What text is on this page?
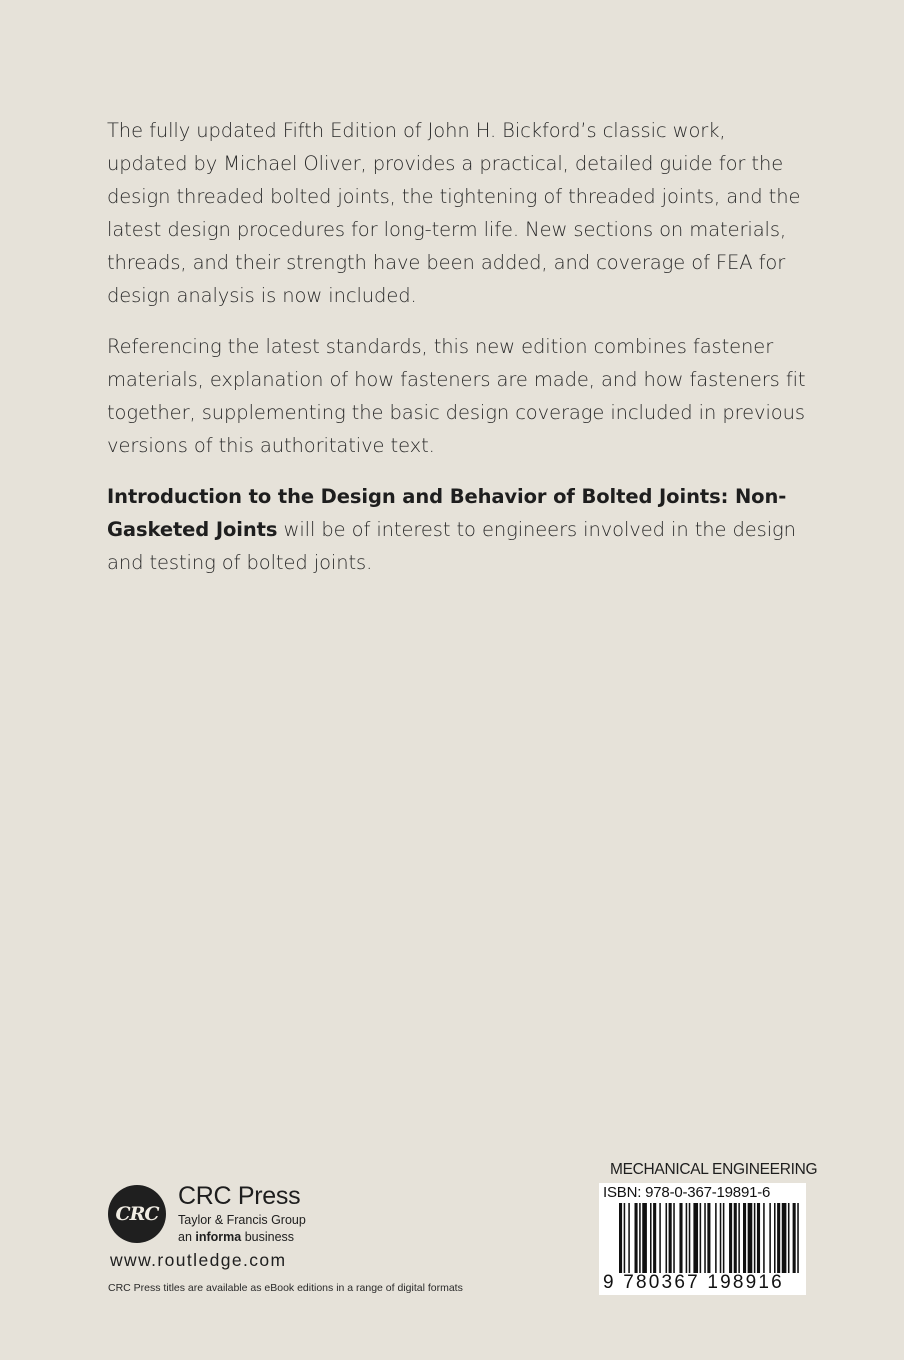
The fully updated Fifth Edition of John H. Bickford’s classic work, updated by Michael Oliver, provides a practical, detailed guide for the design threaded bolted joints, the tightening of threaded joints, and the latest design procedures for long-term life. New sections on materials, threads, and their strength have been added, and coverage of FEA for design analysis is now included.

Referencing the latest standards, this new edition combines fastener materials, explanation of how fasteners are made, and how fasteners fit together, supplementing the basic design coverage included in previous versions of this authoritative text.

Introduction to the Design and Behavior of Bolted Joints: Non-Gasketed Joints will be of interest to engineers involved in the design and testing of bolted joints.

CRC
CRC Press
Taylor & Francis Group
an informa business
www.routledge.com
CRC Press titles are available as eBook editions in a range of digital formats
MECHANICAL ENGINEERING
ISBN: 978-0-367-19891-6
9 780367 198916
